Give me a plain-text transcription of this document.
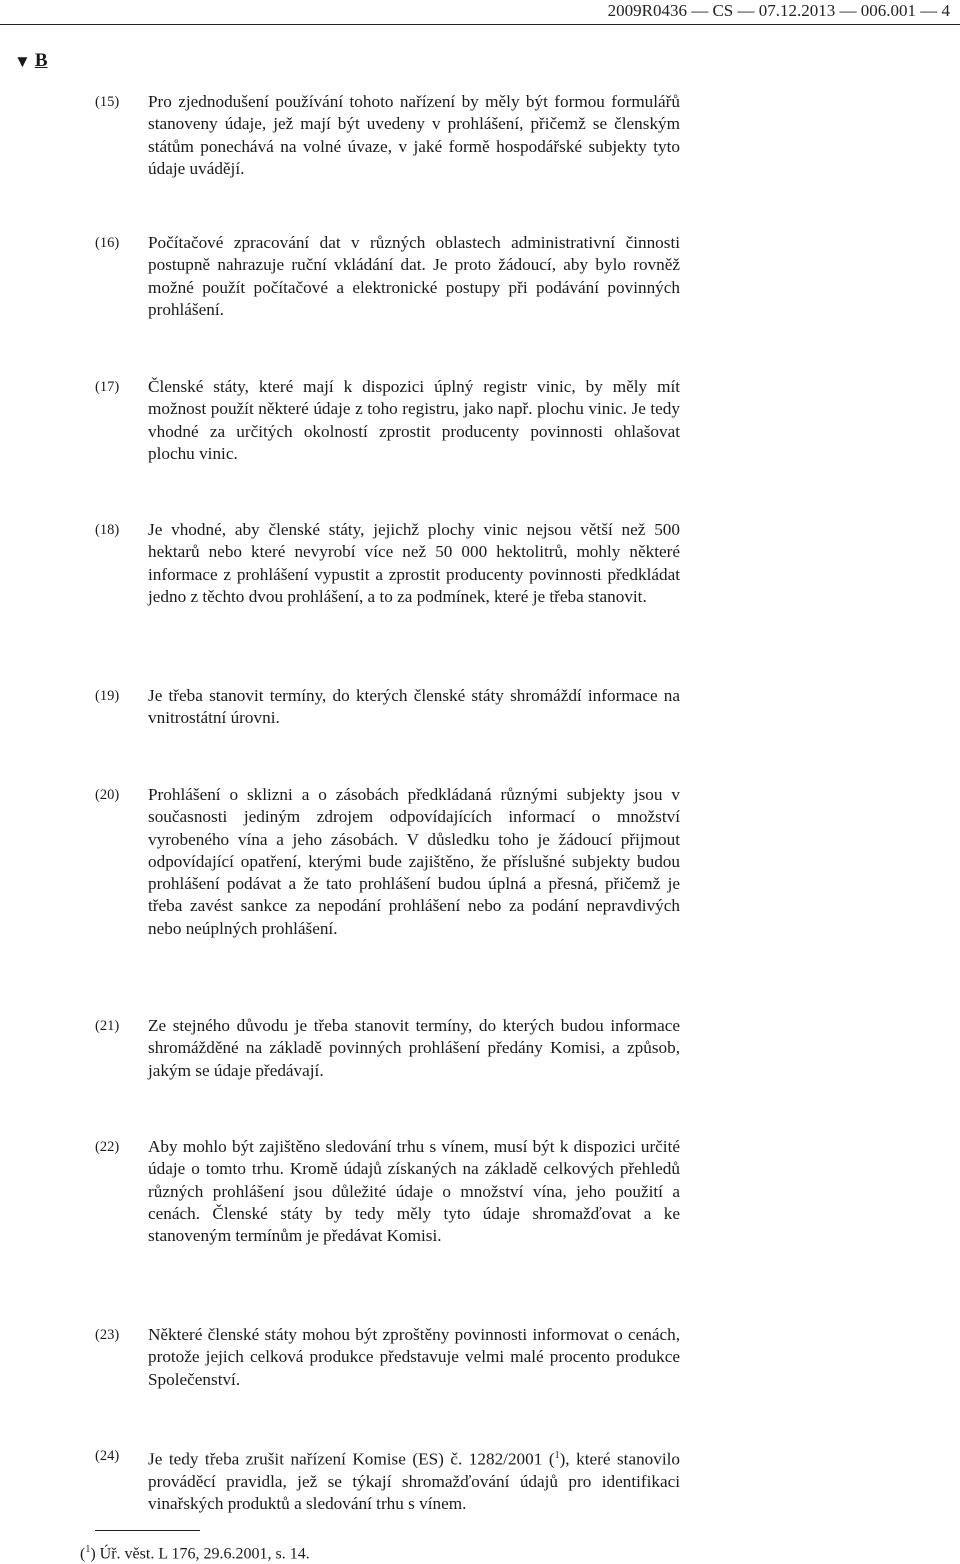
2009R0436 — CS — 07.12.2013 — 006.001 — 4
▼ B
(15)	Pro zjednodušení používání tohoto nařízení by měly být formou formulářů stanoveny údaje, jež mají být uvedeny v prohlášení, přičemž se členským státům ponechává na volné úvaze, v jaké formě hospodářské subjekty tyto údaje uvádějí.
(16)	Počítačové zpracování dat v různých oblastech administrativní činnosti postupně nahrazuje ruční vkládání dat. Je proto žádoucí, aby bylo rovněž možné použít počítačové a elektronické postupy při podávání povinných prohlášení.
(17)	Členské státy, které mají k dispozici úplný registr vinic, by měly mít možnost použít některé údaje z toho registru, jako např. plochu vinic. Je tedy vhodné za určitých okolností zprostit producenty povinnosti ohlašovat plochu vinic.
(18)	Je vhodné, aby členské státy, jejichž plochy vinic nejsou větší než 500 hektarů nebo které nevyrobí více než 50 000 hektolitrů, mohly některé informace z prohlášení vypustit a zprostit producenty povinnosti předkládat jedno z těchto dvou prohlášení, a to za podmínek, které je třeba stanovit.
(19)	Je třeba stanovit termíny, do kterých členské státy shromáždí informace na vnitrostátní úrovni.
(20)	Prohlášení o sklizni a o zásobách předkládaná různými subjekty jsou v současnosti jediným zdrojem odpovídajících informací o množství vyrobeného vína a jeho zásobách. V důsledku toho je žádoucí přijmout odpovídající opatření, kterými bude zajištěno, že příslušné subjekty budou prohlášení podávat a že tato prohlášení budou úplná a přesná, přičemž je třeba zavést sankce za nepodání prohlášení nebo za podání nepravdivých nebo neúplných prohlášení.
(21)	Ze stejného důvodu je třeba stanovit termíny, do kterých budou informace shromážděné na základě povinných prohlášení předány Komisi, a způsob, jakým se údaje předávají.
(22)	Aby mohlo být zajištěno sledování trhu s vínem, musí být k dispozici určité údaje o tomto trhu. Kromě údajů získaných na základě celkových přehledů různých prohlášení jsou důležité údaje o množství vína, jeho použití a cenách. Členské státy by tedy měly tyto údaje shromažďovat a ke stanoveným termínům je předávat Komisi.
(23)	Některé členské státy mohou být zproštěny povinnosti informovat o cenách, protože jejich celková produkce představuje velmi malé procento produkce Společenství.
(24)	Je tedy třeba zrušit nařízení Komise (ES) č. 1282/2001 ($^1$), které stanovilo prováděcí pravidla, jež se týkají shromažďování údajů pro identifikaci vinařských produktů a sledování trhu s vínem.
($^1$) Úř. věst. L 176, 29.6.2001, s. 14.
